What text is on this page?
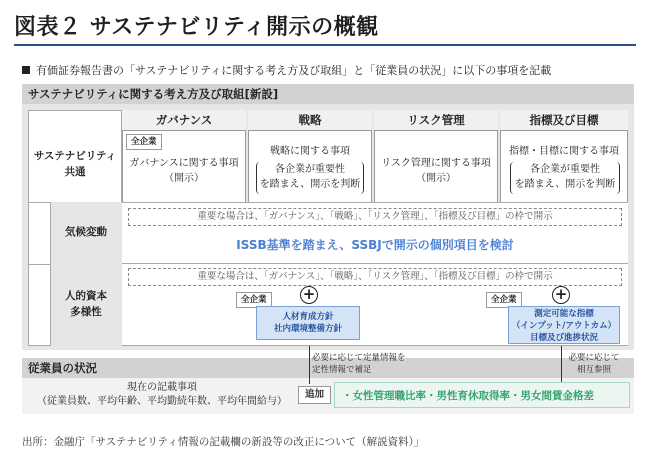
図表２ サステナビリティ開示の概観
有価証券報告書の「サステナビリティに関する考え方及び取組」と「従業員の状況」に以下の事項を記載
サステナビリティに関する考え方及び取組[新設]
サステナビリティ
共通
気候変動
人的資本
多様性
ガバナンス	戦略	リスク管理	指標及び目標
全企業
ガバナンスに関する事項
（開示）
戦略に関する事項
各企業が重要性
を踏まえ、開示を判断
リスク管理に関する事項
（開示）
指標・目標に関する事項
各企業が重要性
を踏まえ、開示を判断
重要な場合は、「ガバナンス」、「戦略」、「リスク管理」、「指標及び目標」の枠で開示
ISSB基準を踏まえ、SSBJで開示の個別項目を検討
重要な場合は、「ガバナンス」、「戦略」、「リスク管理」、「指標及び目標」の枠で開示
全企業	+
人材育成方針
社内環境整備方針
全企業	+
測定可能な指標
（インプット/アウトカム）
目標及び進捗状況
従業員の状況
現在の記載事項
（従業員数、平均年齢、平均勤続年数、平均年間給与）
必要に応じて定量情報を
定性情報で補足
必要に応じて
相互参照
追加	・女性管理職比率・男性育休取得率・男女間賃金格差
出所：金融庁「サステナビリティ情報の記載欄の新設等の改正について（解説資料）」
